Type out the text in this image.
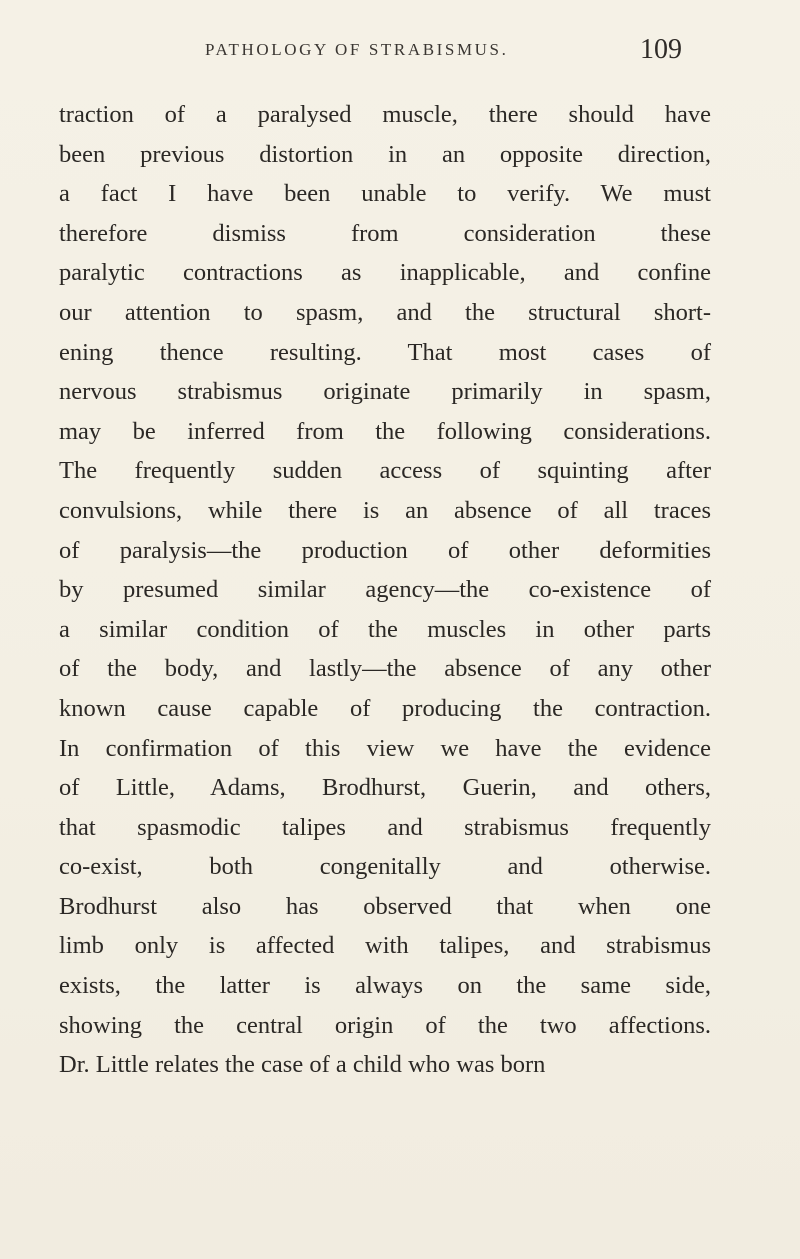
PATHOLOGY OF STRABISMUS.	109
traction of a paralysed muscle, there should have
been previous distortion in an opposite direction,
a fact I have been unable to verify. We must
therefore dismiss from consideration these
paralytic contractions as inapplicable, and confine
our attention to spasm, and the structural short-
ening thence resulting. That most cases of
nervous strabismus originate primarily in spasm,
may be inferred from the following considerations.
The frequently sudden access of squinting after
convulsions, while there is an absence of all traces
of paralysis—the production of other deformities
by presumed similar agency—the co-existence of
a similar condition of the muscles in other parts
of the body, and lastly—the absence of any other
known cause capable of producing the contraction.
In confirmation of this view we have the evidence
of Little, Adams, Brodhurst, Guerin, and others,
that spasmodic talipes and strabismus frequently
co-exist, both congenitally and otherwise.
Brodhurst also has observed that when one
limb only is affected with talipes, and strabismus
exists, the latter is always on the same side,
showing the central origin of the two affections.
Dr. Little relates the case of a child who was born
